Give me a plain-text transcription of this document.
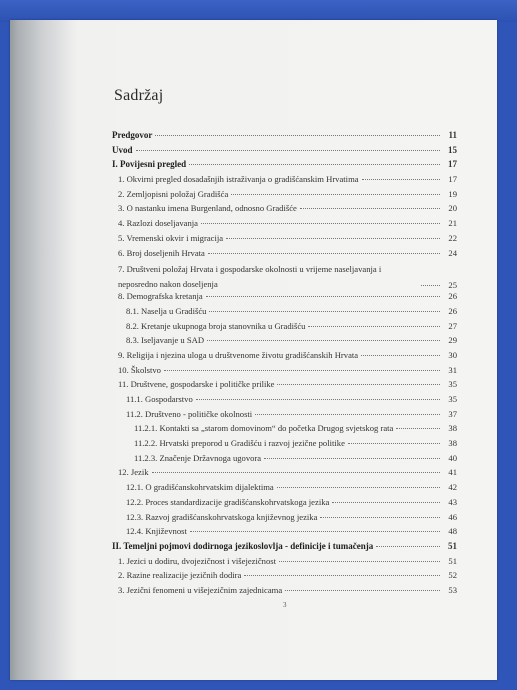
Sadržaj
Predgovor	11
Uvod	15
I. Povijesni pregled	17
1. Okvirni pregled dosadašnjih istraživanja o gradišćanskim Hrvatima	17
2. Zemljopisni položaj Gradišća	19
3. O nastanku imena Burgenland, odnosno Gradišće	20
4. Razlozi doseljavanja	21
5. Vremenski okvir i migracija	22
6. Broj doseljenih Hrvata	24
7. Društveni položaj Hrvata i gospodarske okolnosti u vrijeme naseljavanja i neposredno nakon doseljenja	25
8. Demografska kretanja	26
8.1. Naselja u Gradišću	26
8.2. Kretanje ukupnoga broja stanovnika u Gradišću	27
8.3. Iseljavanje u SAD	29
9. Religija i njezina uloga u društvenome životu gradišćanskih Hrvata	30
10. Školstvo	31
11. Društvene, gospodarske i političke prilike	35
11.1. Gospodarstvo	35
11.2. Društveno - političke okolnosti	37
11.2.1. Kontakti sa „starom domovinom“ do početka Drugog svjetskog rata	38
11.2.2. Hrvatski preporod u Gradišću i razvoj jezične politike	38
11.2.3. Značenje Državnoga ugovora	40
12. Jezik	41
12.1. O gradišćanskohrvatskim dijalektima	42
12.2. Proces standardizacije gradišćanskohrvatskoga jezika	43
12.3. Razvoj gradišćanskohrvatskoga književnog jezika	46
12.4. Književnost	48
II. Temeljni pojmovi dodirnoga jezikoslovlja - definicije i tumačenja	51
1. Jezici u dodiru, dvojezičnost i višejezičnost	51
2. Razine realizacije jezičnih dodira	52
3. Jezični fenomeni u višejezičnim zajednicama	53
3
